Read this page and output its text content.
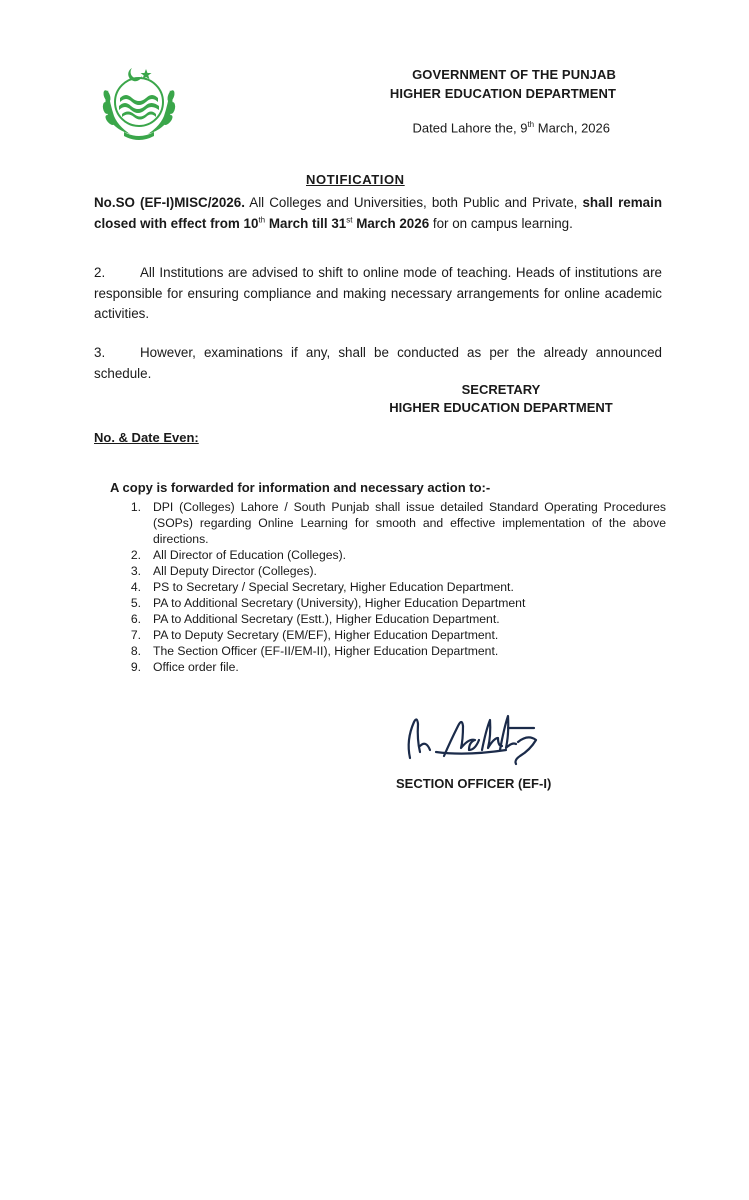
GOVERNMENT OF THE PUNJAB
HIGHER EDUCATION DEPARTMENT
Dated Lahore the, 9th March, 2026
NOTIFICATION
No.SO (EF-I)MISC/2026. All Colleges and Universities, both Public and Private, shall remain closed with effect from 10th March till 31st March 2026 for on campus learning.
2.	All Institutions are advised to shift to online mode of teaching. Heads of institutions are responsible for ensuring compliance and making necessary arrangements for online academic activities.
3.	However, examinations if any, shall be conducted as per the already announced schedule.
SECRETARY
HIGHER EDUCATION DEPARTMENT
No. & Date Even:
A copy is forwarded for information and necessary action to:-
1. DPI (Colleges) Lahore / South Punjab shall issue detailed Standard Operating Procedures (SOPs) regarding Online Learning for smooth and effective implementation of the above directions.
2. All Director of Education (Colleges).
3. All Deputy Director (Colleges).
4. PS to Secretary / Special Secretary, Higher Education Department.
5. PA to Additional Secretary (University), Higher Education Department
6. PA to Additional Secretary (Estt.), Higher Education Department.
7. PA to Deputy Secretary (EM/EF), Higher Education Department.
8. The Section Officer (EF-II/EM-II), Higher Education Department.
9. Office order file.
SECTION OFFICER (EF-I)
